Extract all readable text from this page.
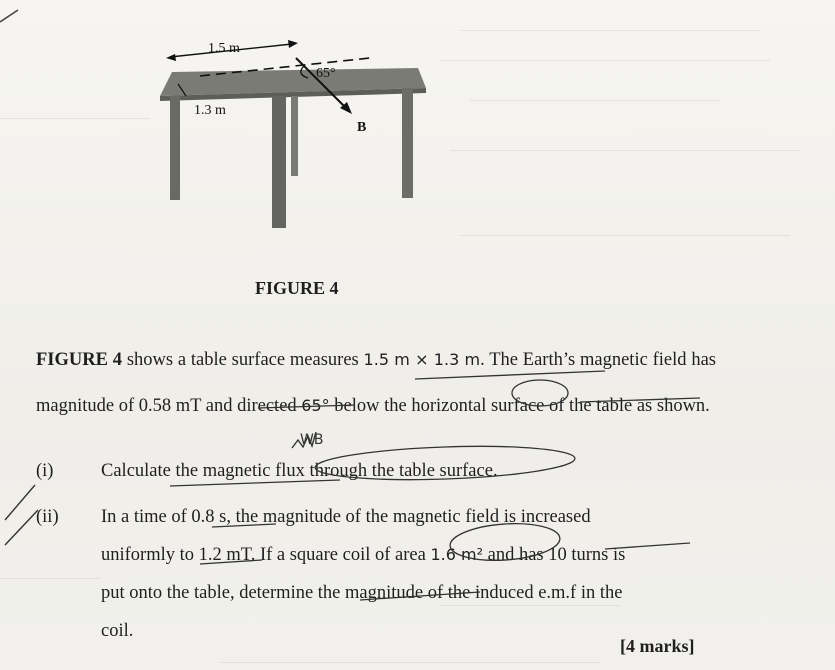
1.5 m
65°
1.3 m
B
FIGURE 4
FIGURE 4 shows a table surface measures 1.5 m × 1.3 m. The Earth’s magnetic field has magnitude of 0.58 mT and directed 65° below the horizontal surface of the table as shown.
(i)	Calculate the magnetic flux through the table surface.
(ii) In a time of 0.8 s, the magnitude of the magnetic field is increased
uniformly to 1.2 mT. If a square coil of area 1.6 m² and has 10 turns is
put onto the table, determine the magnitude of the induced e.m.f in the
coil.
[4 marks]
WB
